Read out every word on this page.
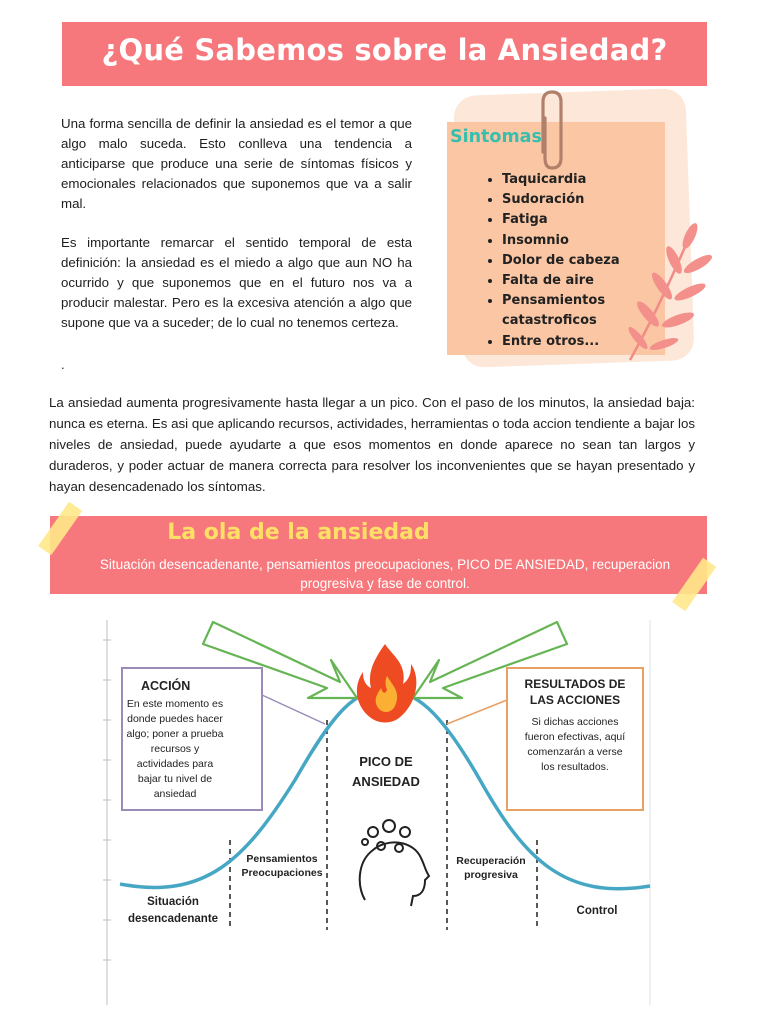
¿Qué Sabemos sobre la Ansiedad?
Una forma sencilla de definir la ansiedad es el temor a que algo malo suceda. Esto conlleva una tendencia a anticiparse que produce una serie de síntomas físicos y emocionales relacionados que suponemos que va a salir mal.
Es importante remarcar el sentido temporal de esta definición: la ansiedad es el miedo a algo que aun NO ha ocurrido y que suponemos que en el futuro nos va a producir malestar. Pero es la excesiva atención a algo que supone que va a suceder; de lo cual no tenemos certeza.
.
Sintomas
• Taquicardia
• Sudoración
• Fatiga
• Insomnio
• Dolor de cabeza
• Falta de aire
• Pensamientos catastroficos
• Entre otros...
La ansiedad aumenta progresivamente hasta llegar a un pico. Con el paso de los minutos, la ansiedad baja: nunca es eterna. Es asi que aplicando recursos, actividades, herramientas o toda accion tendiente a bajar los niveles de ansiedad, puede ayudarte a que esos momentos en donde aparece no sean tan largos y duraderos, y poder actuar de manera correcta para resolver los inconvenientes que se hayan presentado y hayan desencadenado los síntomas.
La ola de la ansiedad
Situación desencadenante, pensamientos preocupaciones, PICO DE ANSIEDAD, recuperacion progresiva y fase de control.
ACCIÓN
En este momento es
donde puedes hacer
algo; poner a prueba
recursos y
actividades para
bajar tu nivel de
ansiedad
RESULTADOS DE
LAS ACCIONES
Si dichas acciones
fueron efectivas, aquí
comenzarán a verse
los resultados.
PICO DE
ANSIEDAD
Situación
desencadenante
Pensamientos
Preocupaciones
Recuperación
progresiva
Control
